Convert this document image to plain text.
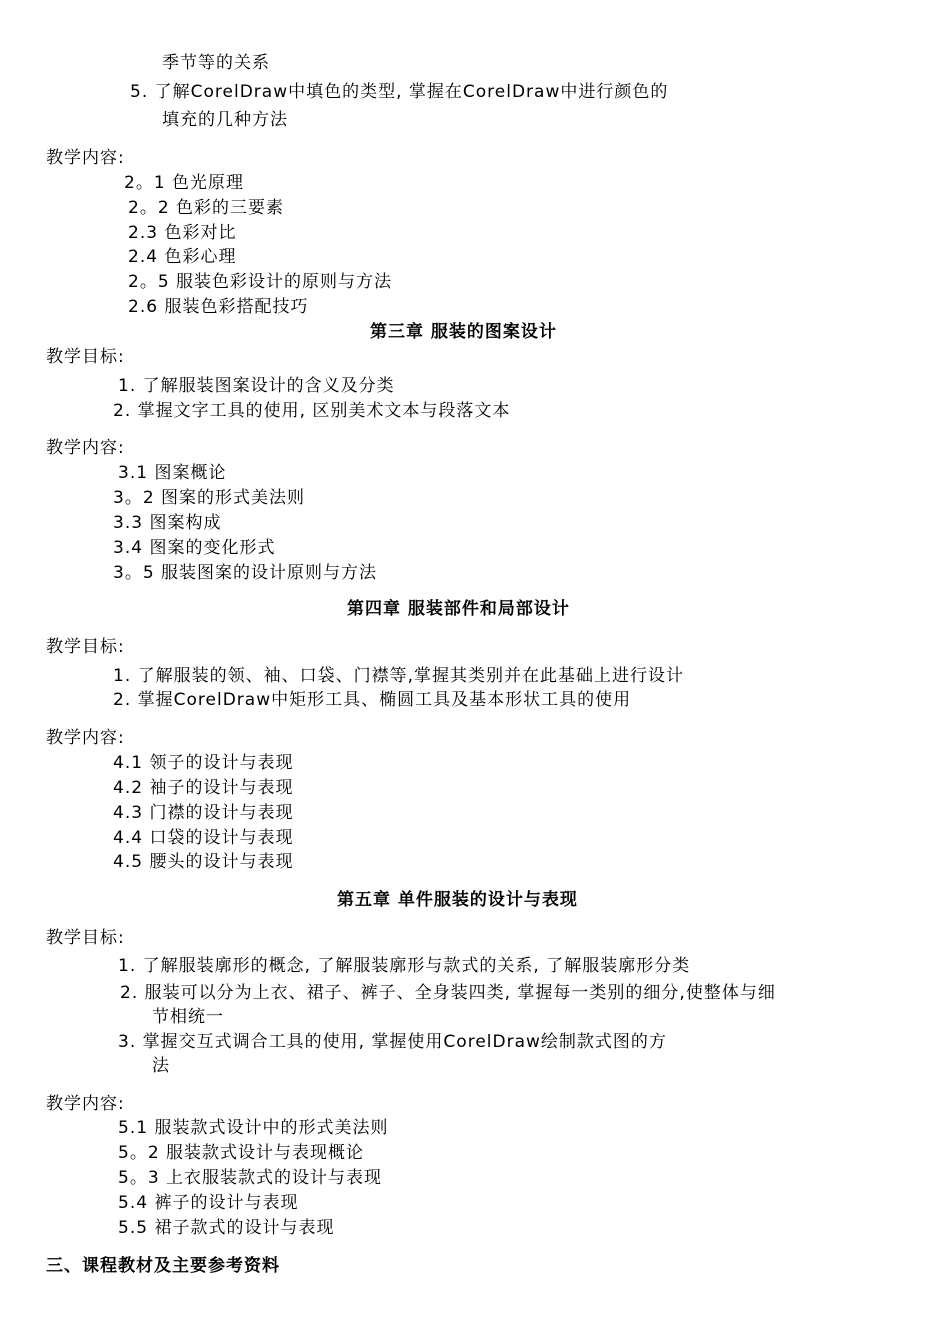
季节等的关系
5. 了解CorelDraw中填色的类型, 掌握在CorelDraw中进行颜色的
填充的几种方法
教学内容:
2。1 色光原理
2。2 色彩的三要素
2.3 色彩对比
2.4 色彩心理
2。5 服装色彩设计的原则与方法
2.6 服装色彩搭配技巧
第三章 服装的图案设计
教学目标:
1. 了解服装图案设计的含义及分类
2. 掌握文字工具的使用, 区别美术文本与段落文本
教学内容:
3.1 图案概论
3。2 图案的形式美法则
3.3 图案构成
3.4 图案的变化形式
3。5 服装图案的设计原则与方法
第四章 服装部件和局部设计
教学目标:
1. 了解服装的领、袖、口袋、门襟等,掌握其类别并在此基础上进行设计
2. 掌握CorelDraw中矩形工具、椭圆工具及基本形状工具的使用
教学内容:
4.1 领子的设计与表现
4.2 袖子的设计与表现
4.3 门襟的设计与表现
4.4 口袋的设计与表现
4.5 腰头的设计与表现
第五章 单件服装的设计与表现
教学目标:
1. 了解服装廓形的概念, 了解服装廓形与款式的关系, 了解服装廓形分类
2. 服装可以分为上衣、裙子、裤子、全身装四类, 掌握每一类别的细分,使整体与细
节相统一
3. 掌握交互式调合工具的使用, 掌握使用CorelDraw绘制款式图的方
法
教学内容:
5.1 服装款式设计中的形式美法则
5。2 服装款式设计与表现概论
5。3 上衣服装款式的设计与表现
5.4 裤子的设计与表现
5.5 裙子款式的设计与表现
三、课程教材及主要参考资料
